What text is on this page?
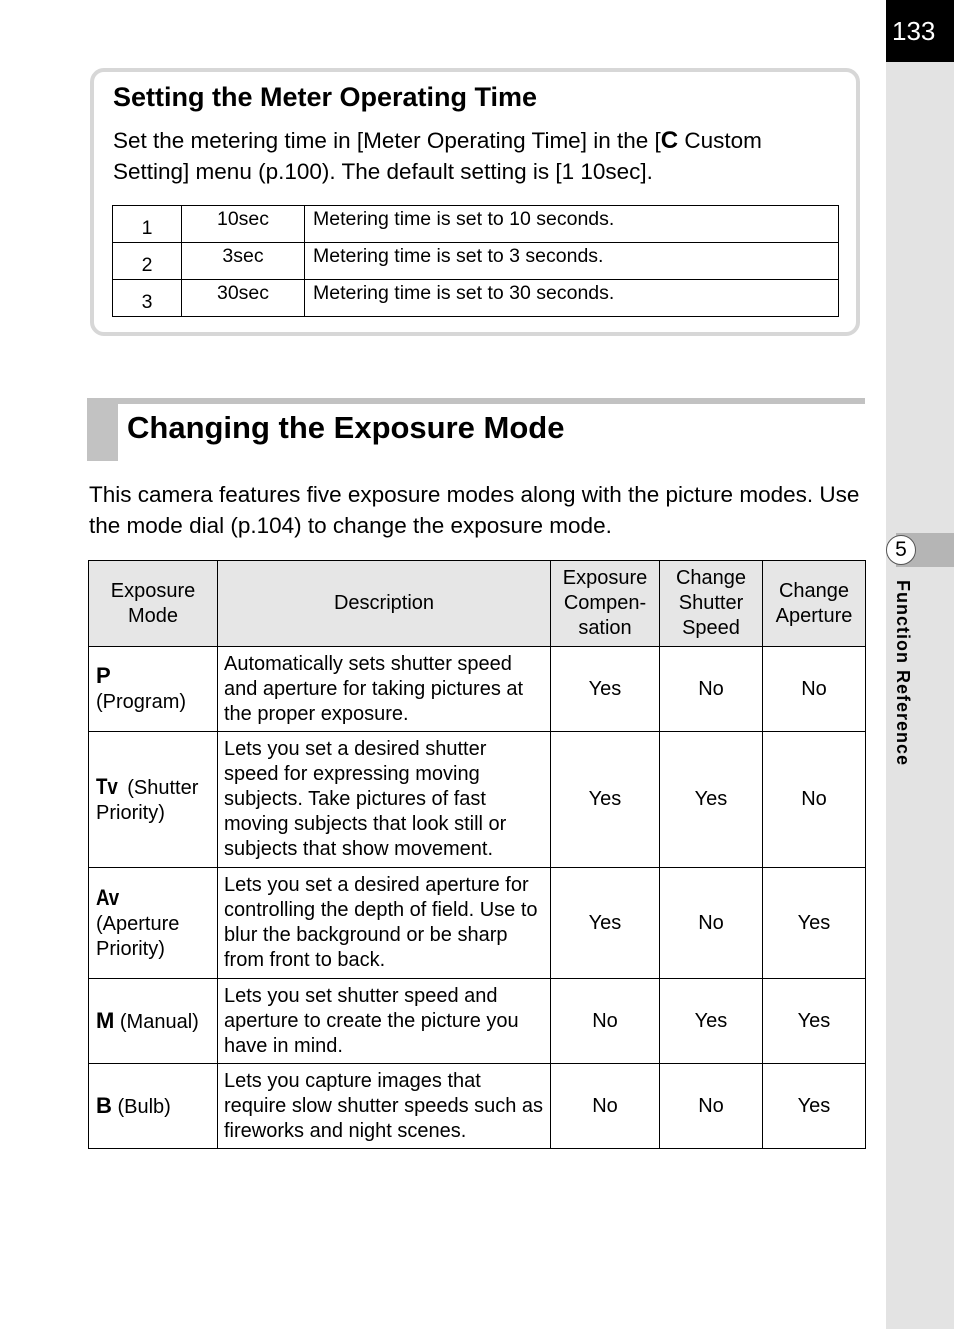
133
5
Function Reference
Setting the Meter Operating Time
Set the metering time in [Meter Operating Time] in the [C Custom Setting] menu (p.100). The default setting is [1 10sec].
1	10sec	Metering time is set to 10 seconds.
2	3sec	Metering time is set to 3 seconds.
3	30sec	Metering time is set to 30 seconds.
Changing the Exposure Mode
This camera features five exposure modes along with the picture modes. Use the mode dial (p.104) to change the exposure mode.
Exposure Mode	Description	Exposure Compen-sation	Change Shutter Speed	Change Aperture

P
(Program)	Automatically sets shutter speed and aperture for taking pictures at the proper exposure.	Yes	No	No
Tv (Shutter Priority)	Lets you set a desired shutter speed for expressing moving subjects. Take pictures of fast moving subjects that look still or subjects that show movement.	Yes	Yes	No
Av
(Aperture Priority)	Lets you set a desired aperture for controlling the depth of field. Use to blur the background or be sharp from front to back.	Yes	No	Yes
M (Manual)	Lets you set shutter speed and aperture to create the picture you have in mind.	No	Yes	Yes
B (Bulb)	Lets you capture images that require slow shutter speeds such as fireworks and night scenes.	No	No	Yes
